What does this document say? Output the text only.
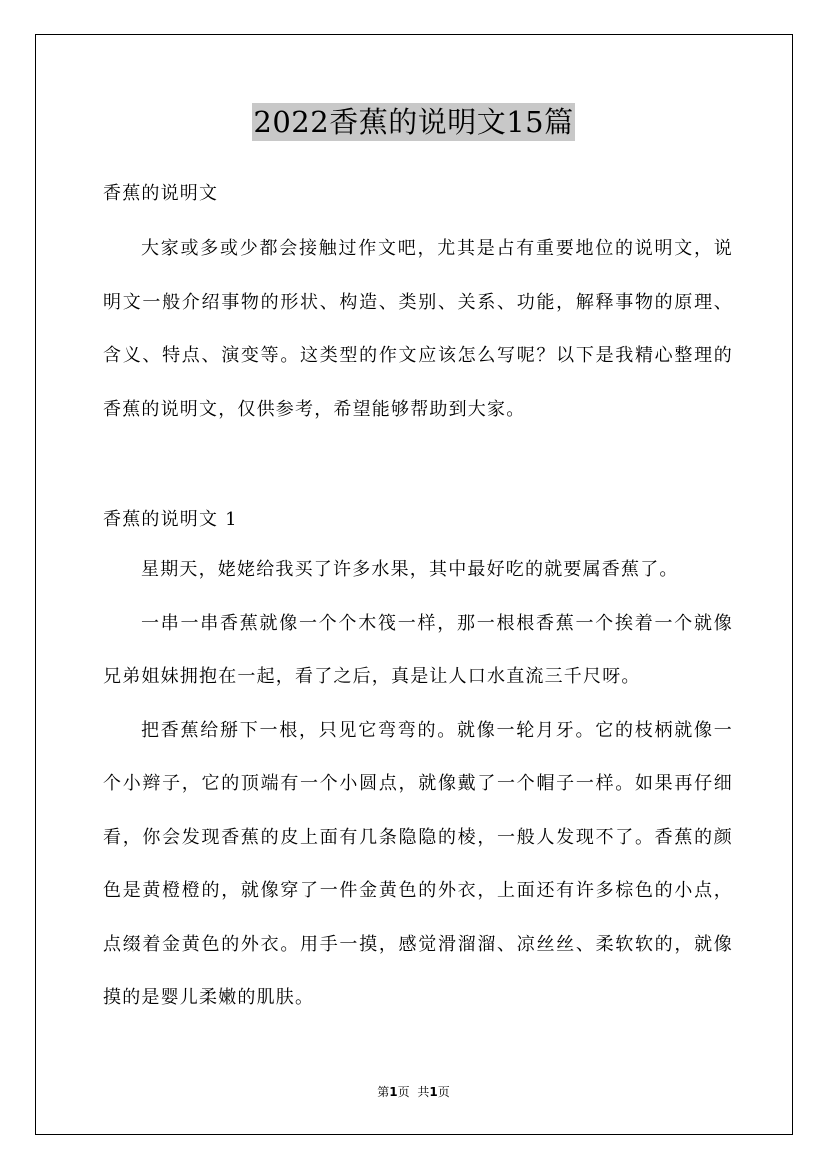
2022香蕉的说明文15篇
香蕉的说明文

大家或多或少都会接触过作文吧，尤其是占有重要地位的说明文，说明文一般介绍事物的形状、构造、类别、关系、功能，解释事物的原理、含义、特点、演变等。这类型的作文应该怎么写呢？以下是我精心整理的香蕉的说明文，仅供参考，希望能够帮助到大家。

香蕉的说明文 1

星期天，姥姥给我买了许多水果，其中最好吃的就要属香蕉了。

一串一串香蕉就像一个个木筏一样，那一根根香蕉一个挨着一个就像兄弟姐妹拥抱在一起，看了之后，真是让人口水直流三千尺呀。

把香蕉给掰下一根，只见它弯弯的。就像一轮月牙。它的枝柄就像一个小辫子，它的顶端有一个小圆点，就像戴了一个帽子一样。如果再仔细看，你会发现香蕉的皮上面有几条隐隐的棱，一般人发现不了。香蕉的颜色是黄橙橙的，就像穿了一件金黄色的外衣，上面还有许多棕色的小点，点缀着金黄色的外衣。用手一摸，感觉滑溜溜、凉丝丝、柔软软的，就像摸的是婴儿柔嫩的肌肤。

第1页 共1页
